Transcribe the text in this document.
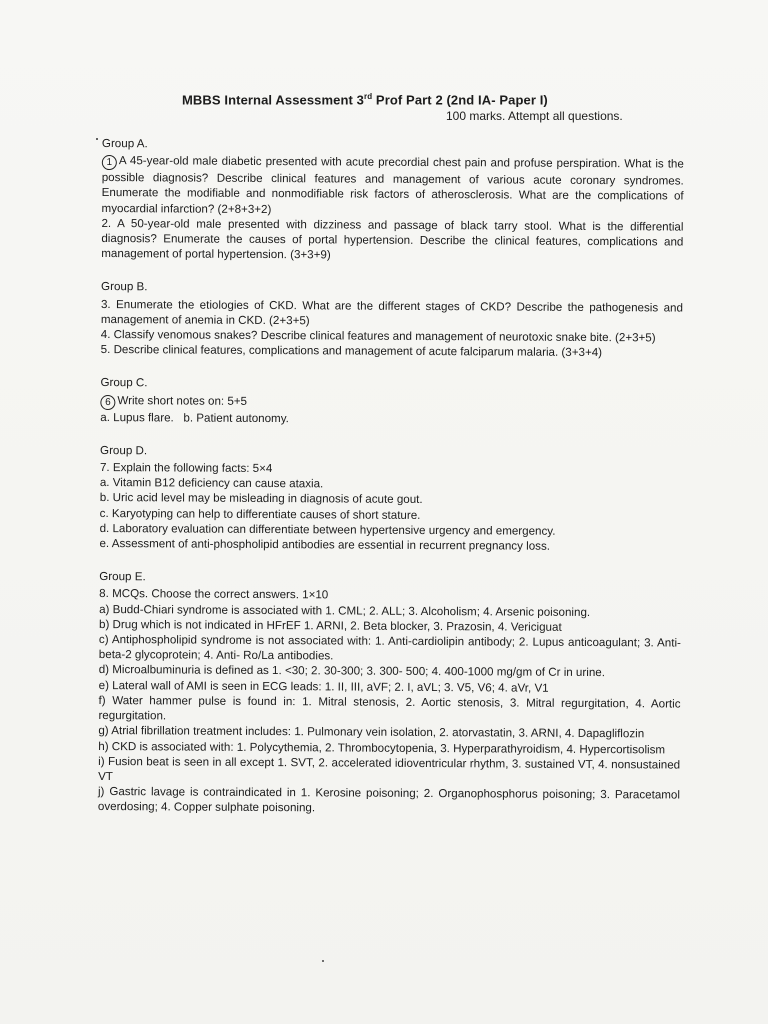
MBBS Internal Assessment 3rd Prof Part 2 (2nd IA- Paper I)
100 marks. Attempt all questions.

Group A.

1 A 45-year-old male diabetic presented with acute precordial chest pain and profuse perspiration. What is the possible diagnosis? Describe clinical features and management of various acute coronary syndromes. Enumerate the modifiable and nonmodifiable risk factors of atherosclerosis. What are the complications of myocardial infarction? (2+8+3+2)

2. A 50-year-old male presented with dizziness and passage of black tarry stool. What is the differential diagnosis? Enumerate the causes of portal hypertension. Describe the clinical features, complications and management of portal hypertension. (3+3+9)

Group B.

3. Enumerate the etiologies of CKD. What are the different stages of CKD? Describe the pathogenesis and management of anemia in CKD. (2+3+5)

4. Classify venomous snakes? Describe clinical features and management of neurotoxic snake bite. (2+3+5)

5. Describe clinical features, complications and management of acute falciparum malaria. (3+3+4)

Group C.

6 Write short notes on: 5+5

a. Lupus flare.   b. Patient autonomy.

Group D.

7. Explain the following facts: 5×4

a. Vitamin B12 deficiency can cause ataxia.

b. Uric acid level may be misleading in diagnosis of acute gout.

c. Karyotyping can help to differentiate causes of short stature.

d. Laboratory evaluation can differentiate between hypertensive urgency and emergency.

e. Assessment of anti-phospholipid antibodies are essential in recurrent pregnancy loss.

Group E.

8. MCQs. Choose the correct answers. 1×10

a) Budd-Chiari syndrome is associated with 1. CML; 2. ALL; 3. Alcoholism; 4. Arsenic poisoning.

b) Drug which is not indicated in HFrEF 1. ARNI, 2. Beta blocker, 3. Prazosin, 4. Vericiguat

c) Antiphospholipid syndrome is not associated with: 1. Anti-cardiolipin antibody; 2. Lupus anticoagulant; 3. Anti-beta-2 glycoprotein; 4. Anti- Ro/La antibodies.

d) Microalbuminuria is defined as 1. <30; 2. 30-300; 3. 300- 500; 4. 400-1000 mg/gm of Cr in urine.

e) Lateral wall of AMI is seen in ECG leads: 1. II, III, aVF; 2. I, aVL; 3. V5, V6; 4. aVr, V1

f) Water hammer pulse is found in: 1. Mitral stenosis, 2. Aortic stenosis, 3. Mitral regurgitation, 4. Aortic regurgitation.

g) Atrial fibrillation treatment includes: 1. Pulmonary vein isolation, 2. atorvastatin, 3. ARNI, 4. Dapagliflozin

h) CKD is associated with: 1. Polycythemia, 2. Thrombocytopenia, 3. Hyperparathyroidism, 4. Hypercortisolism

i) Fusion beat is seen in all except 1. SVT, 2. accelerated idioventricular rhythm, 3. sustained VT, 4. nonsustained VT

j) Gastric lavage is contraindicated in 1. Kerosine poisoning; 2. Organophosphorus poisoning; 3. Paracetamol overdosing; 4. Copper sulphate poisoning.
